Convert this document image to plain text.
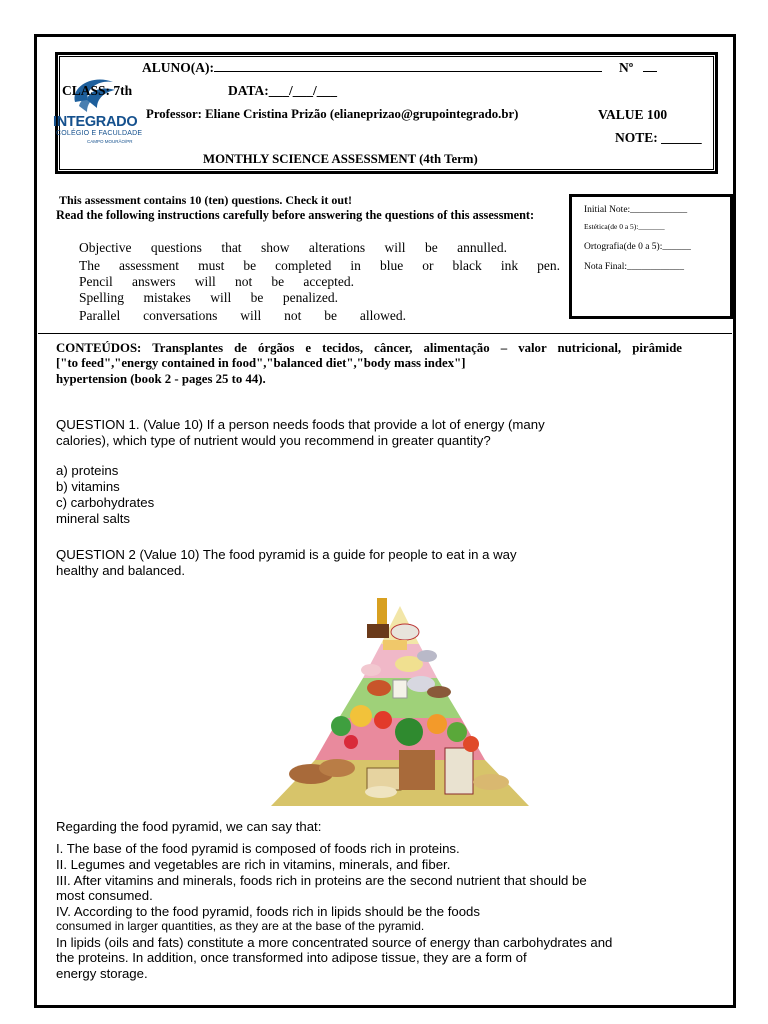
INTEGRADO
COLÉGIO E FACULDADE
CAMPO MOURÃO/PR
ALUNO(A):	Nº
CLASS: 7th	DATA:___/___/___
Professor: Eliane Cristina Prizão (elianeprizao@grupointegrado.br)	VALUE 100
NOTE: ______
MONTHLY SCIENCE ASSESSMENT (4th Term)
This assessment contains 10 (ten) questions. Check it out!
Read the following instructions carefully before answering the questions of this assessment:	Initial Note:____________
Estética(de 0 a 5):_______
Ortografia(de 0 a 5):______
Nota Final:____________
Objective questions that show alterations will be annulled.
The assessment must be completed in blue or black ink pen.
Pencil answers will not be accepted.
Spelling mistakes will be penalized.
Parallel conversations will not be allowed.
CONTEÚDOS: Transplantes de órgãos e tecidos, câncer, alimentação – valor nutricional, pirâmide
["to feed","energy contained in food","balanced diet","body mass index"]
hypertension (book 2 - pages 25 to 44).
QUESTION 1. (Value 10) If a person needs foods that provide a lot of energy (many
calories), which type of nutrient would you recommend in greater quantity?
a) proteins
b) vitamins
c) carbohydrates
mineral salts
QUESTION 2 (Value 10) The food pyramid is a guide for people to eat in a way
healthy and balanced.
Regarding the food pyramid, we can say that:
I. The base of the food pyramid is composed of foods rich in proteins.
II. Legumes and vegetables are rich in vitamins, minerals, and fiber.
III. After vitamins and minerals, foods rich in proteins are the second nutrient that should be
most consumed.
IV. According to the food pyramid, foods rich in lipids should be the foods
consumed in larger quantities, as they are at the base of the pyramid.
In lipids (oils and fats) constitute a more concentrated source of energy than carbohydrates and
the proteins. In addition, once transformed into adipose tissue, they are a form of
energy storage.
